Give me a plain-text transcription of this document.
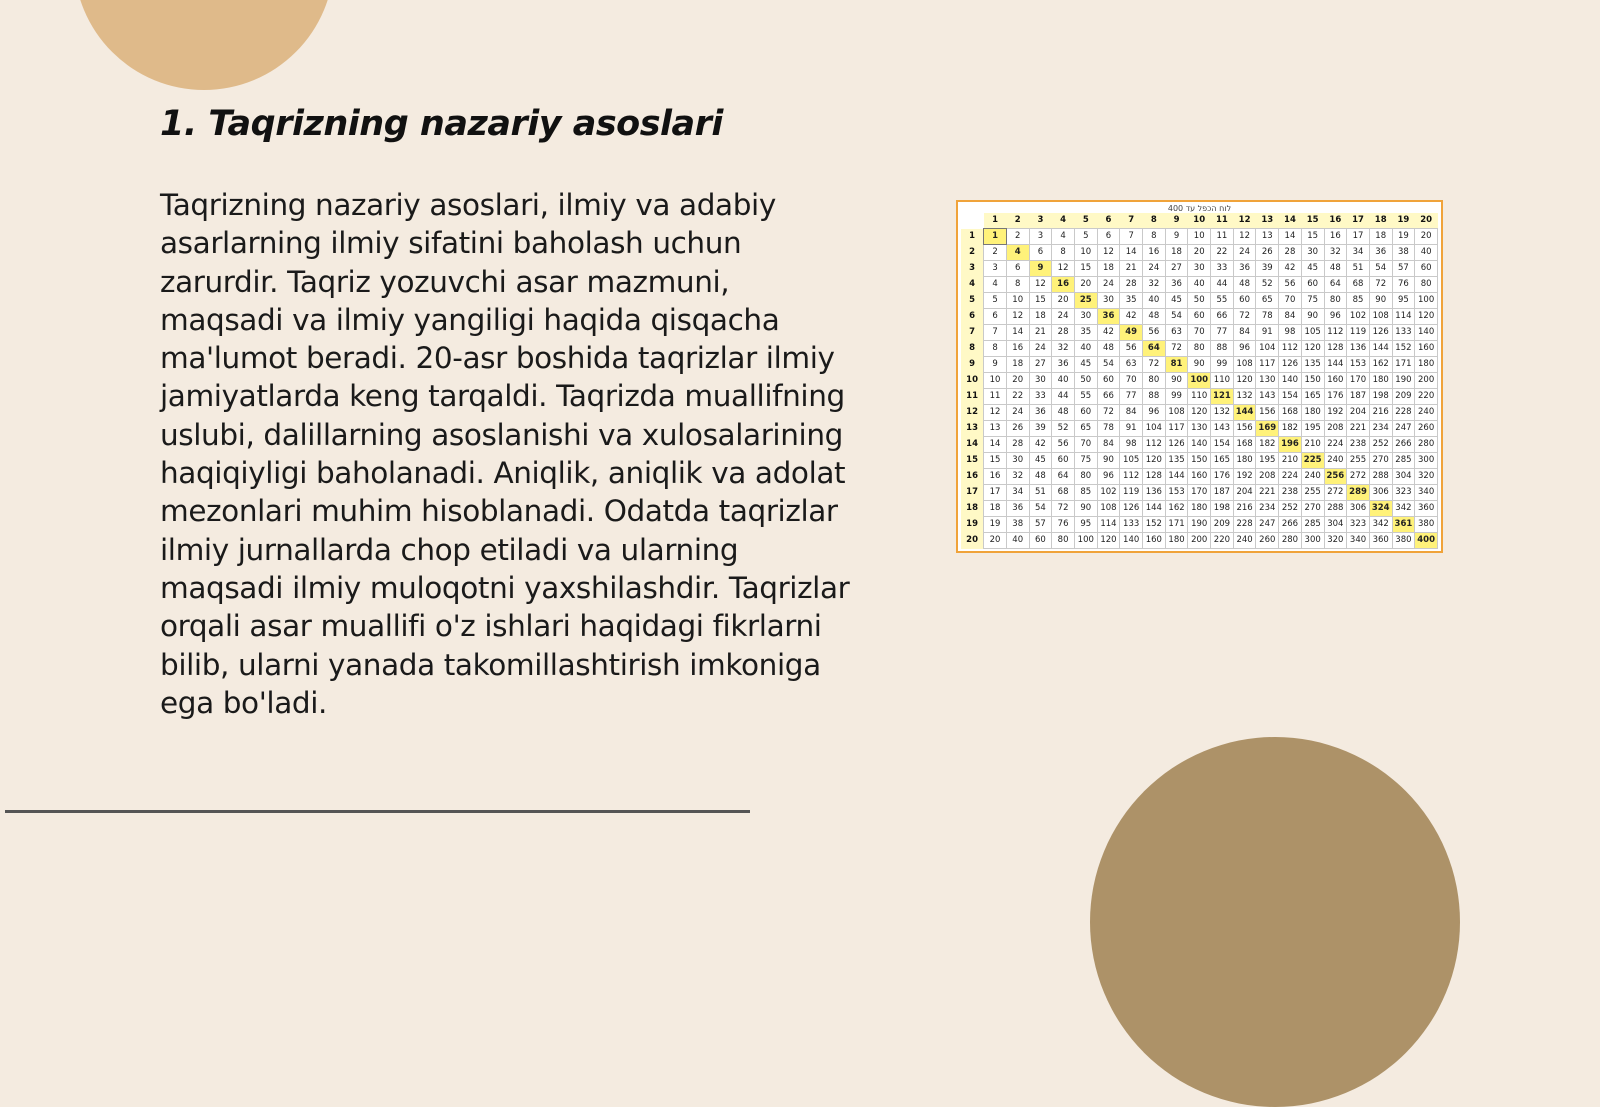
1. Taqrizning nazariy asoslari

Taqrizning nazariy asoslari, ilmiy va adabiy asarlarning ilmiy sifatini baholash uchun zarurdir. Taqriz yozuvchi asar mazmuni, maqsadi va ilmiy yangiligi haqida qisqacha ma'lumot beradi. 20-asr boshida taqrizlar ilmiy jamiyatlarda keng tarqaldi. Taqrizda muallifning uslubi, dalillarning asoslanishi va xulosalarining haqiqiyligi baholanadi. Aniqlik, aniqlik va adolat mezonlari muhim hisoblanadi. Odatda taqrizlar ilmiy jurnallarda chop etiladi va ularning maqsadi ilmiy muloqotni yaxshilashdir. Taqrizlar orqali asar muallifi o'z ishlari haqidagi fikrlarni bilib, ularni yanada takomillashtirish imkoniga ega bo'ladi.

לוח הכפל עד 400
	1	2	3	4	5	6	7	8	9	10	11	12	13	14	15	16	17	18	19	20
1	1	2	3	4	5	6	7	8	9	10	11	12	13	14	15	16	17	18	19	20
2	2	4	6	8	10	12	14	16	18	20	22	24	26	28	30	32	34	36	38	40
3	3	6	9	12	15	18	21	24	27	30	33	36	39	42	45	48	51	54	57	60
4	4	8	12	16	20	24	28	32	36	40	44	48	52	56	60	64	68	72	76	80
5	5	10	15	20	25	30	35	40	45	50	55	60	65	70	75	80	85	90	95	100
6	6	12	18	24	30	36	42	48	54	60	66	72	78	84	90	96	102	108	114	120
7	7	14	21	28	35	42	49	56	63	70	77	84	91	98	105	112	119	126	133	140
8	8	16	24	32	40	48	56	64	72	80	88	96	104	112	120	128	136	144	152	160
9	9	18	27	36	45	54	63	72	81	90	99	108	117	126	135	144	153	162	171	180
10	10	20	30	40	50	60	70	80	90	100	110	120	130	140	150	160	170	180	190	200
11	11	22	33	44	55	66	77	88	99	110	121	132	143	154	165	176	187	198	209	220
12	12	24	36	48	60	72	84	96	108	120	132	144	156	168	180	192	204	216	228	240
13	13	26	39	52	65	78	91	104	117	130	143	156	169	182	195	208	221	234	247	260
14	14	28	42	56	70	84	98	112	126	140	154	168	182	196	210	224	238	252	266	280
15	15	30	45	60	75	90	105	120	135	150	165	180	195	210	225	240	255	270	285	300
16	16	32	48	64	80	96	112	128	144	160	176	192	208	224	240	256	272	288	304	320
17	17	34	51	68	85	102	119	136	153	170	187	204	221	238	255	272	289	306	323	340
18	18	36	54	72	90	108	126	144	162	180	198	216	234	252	270	288	306	324	342	360
19	19	38	57	76	95	114	133	152	171	190	209	228	247	266	285	304	323	342	361	380
20	20	40	60	80	100	120	140	160	180	200	220	240	260	280	300	320	340	360	380	400
